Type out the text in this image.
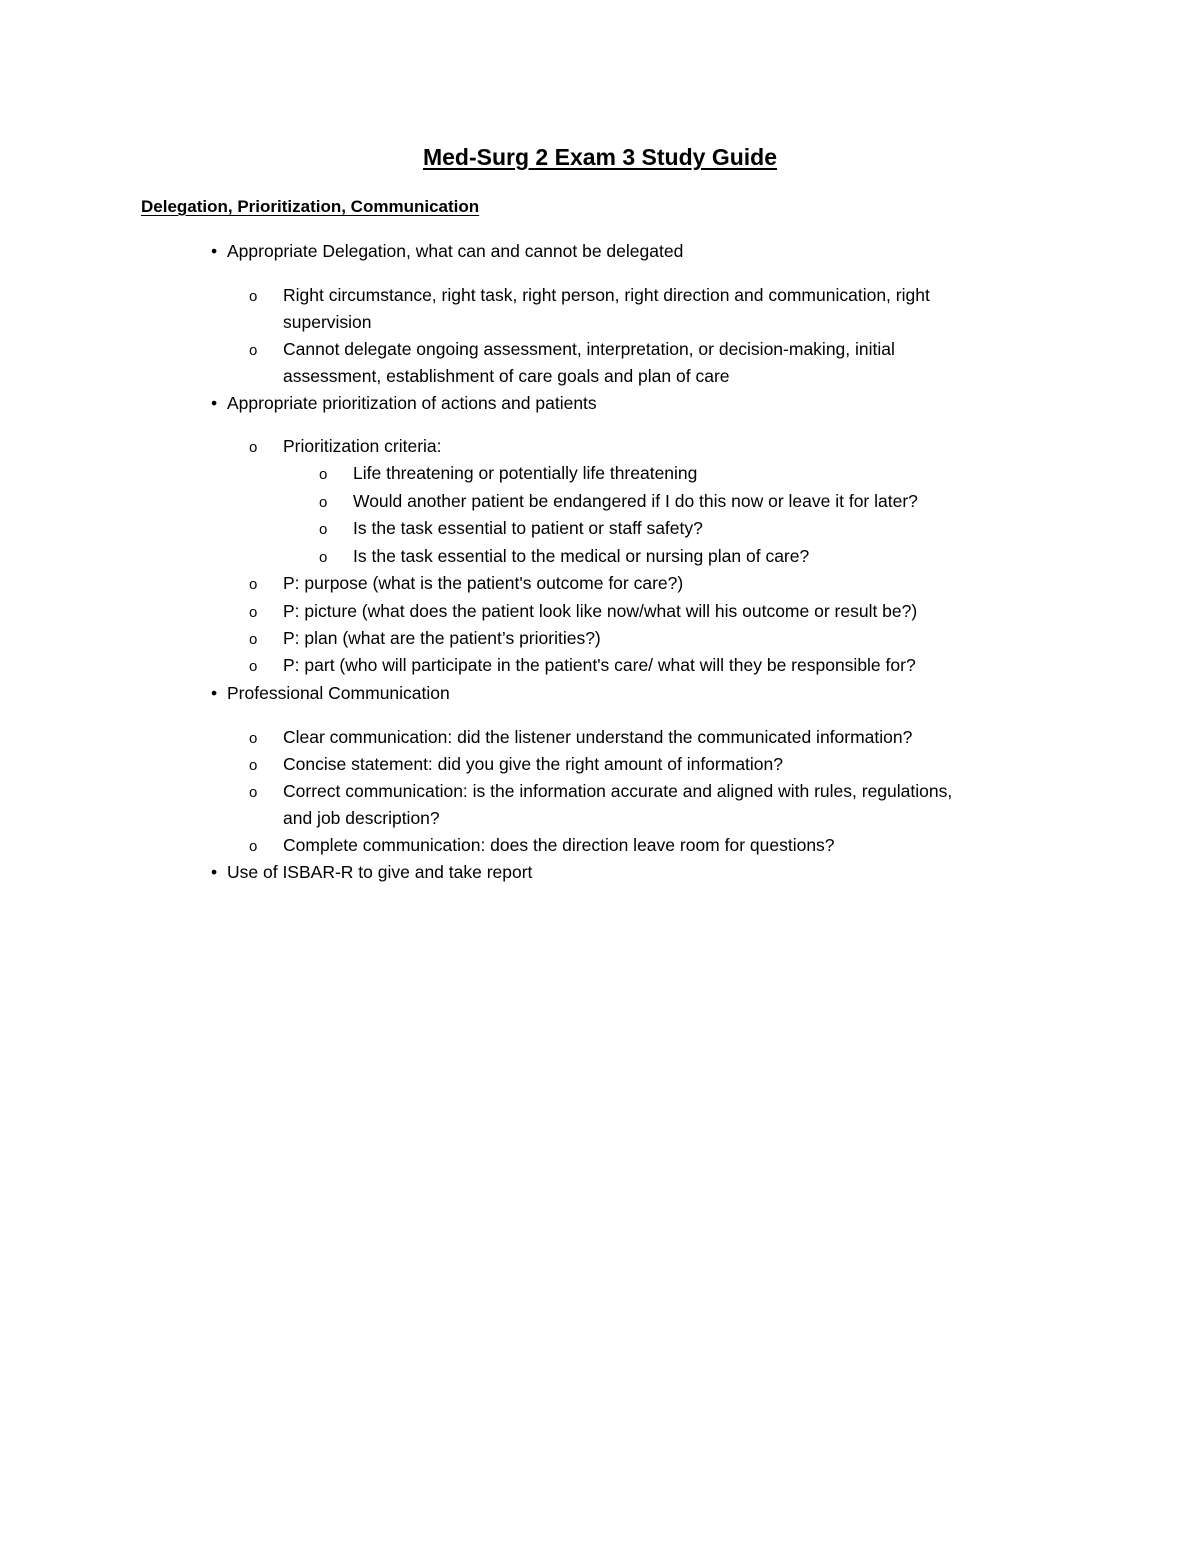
Med-Surg 2 Exam 3 Study Guide
Delegation, Prioritization, Communication
• Appropriate Delegation, what can and cannot be delegated
o Right circumstance, right task, right person, right direction and communication, right
supervision
o Cannot delegate ongoing assessment, interpretation, or decision-making, initial
assessment, establishment of care goals and plan of care
• Appropriate prioritization of actions and patients
o Prioritization criteria:
o Life threatening or potentially life threatening
o Would another patient be endangered if I do this now or leave it for later?
o Is the task essential to patient or staff safety?
o Is the task essential to the medical or nursing plan of care?
o P: purpose (what is the patient's outcome for care?)
o P: picture (what does the patient look like now/what will his outcome or result be?)
o P: plan (what are the patient’s priorities?)
o P: part (who will participate in the patient's care/ what will they be responsible for?
• Professional Communication
o Clear communication: did the listener understand the communicated information?
o Concise statement: did you give the right amount of information?
o Correct communication: is the information accurate and aligned with rules, regulations,
and job description?
o Complete communication: does the direction leave room for questions?
• Use of ISBAR-R to give and take report
